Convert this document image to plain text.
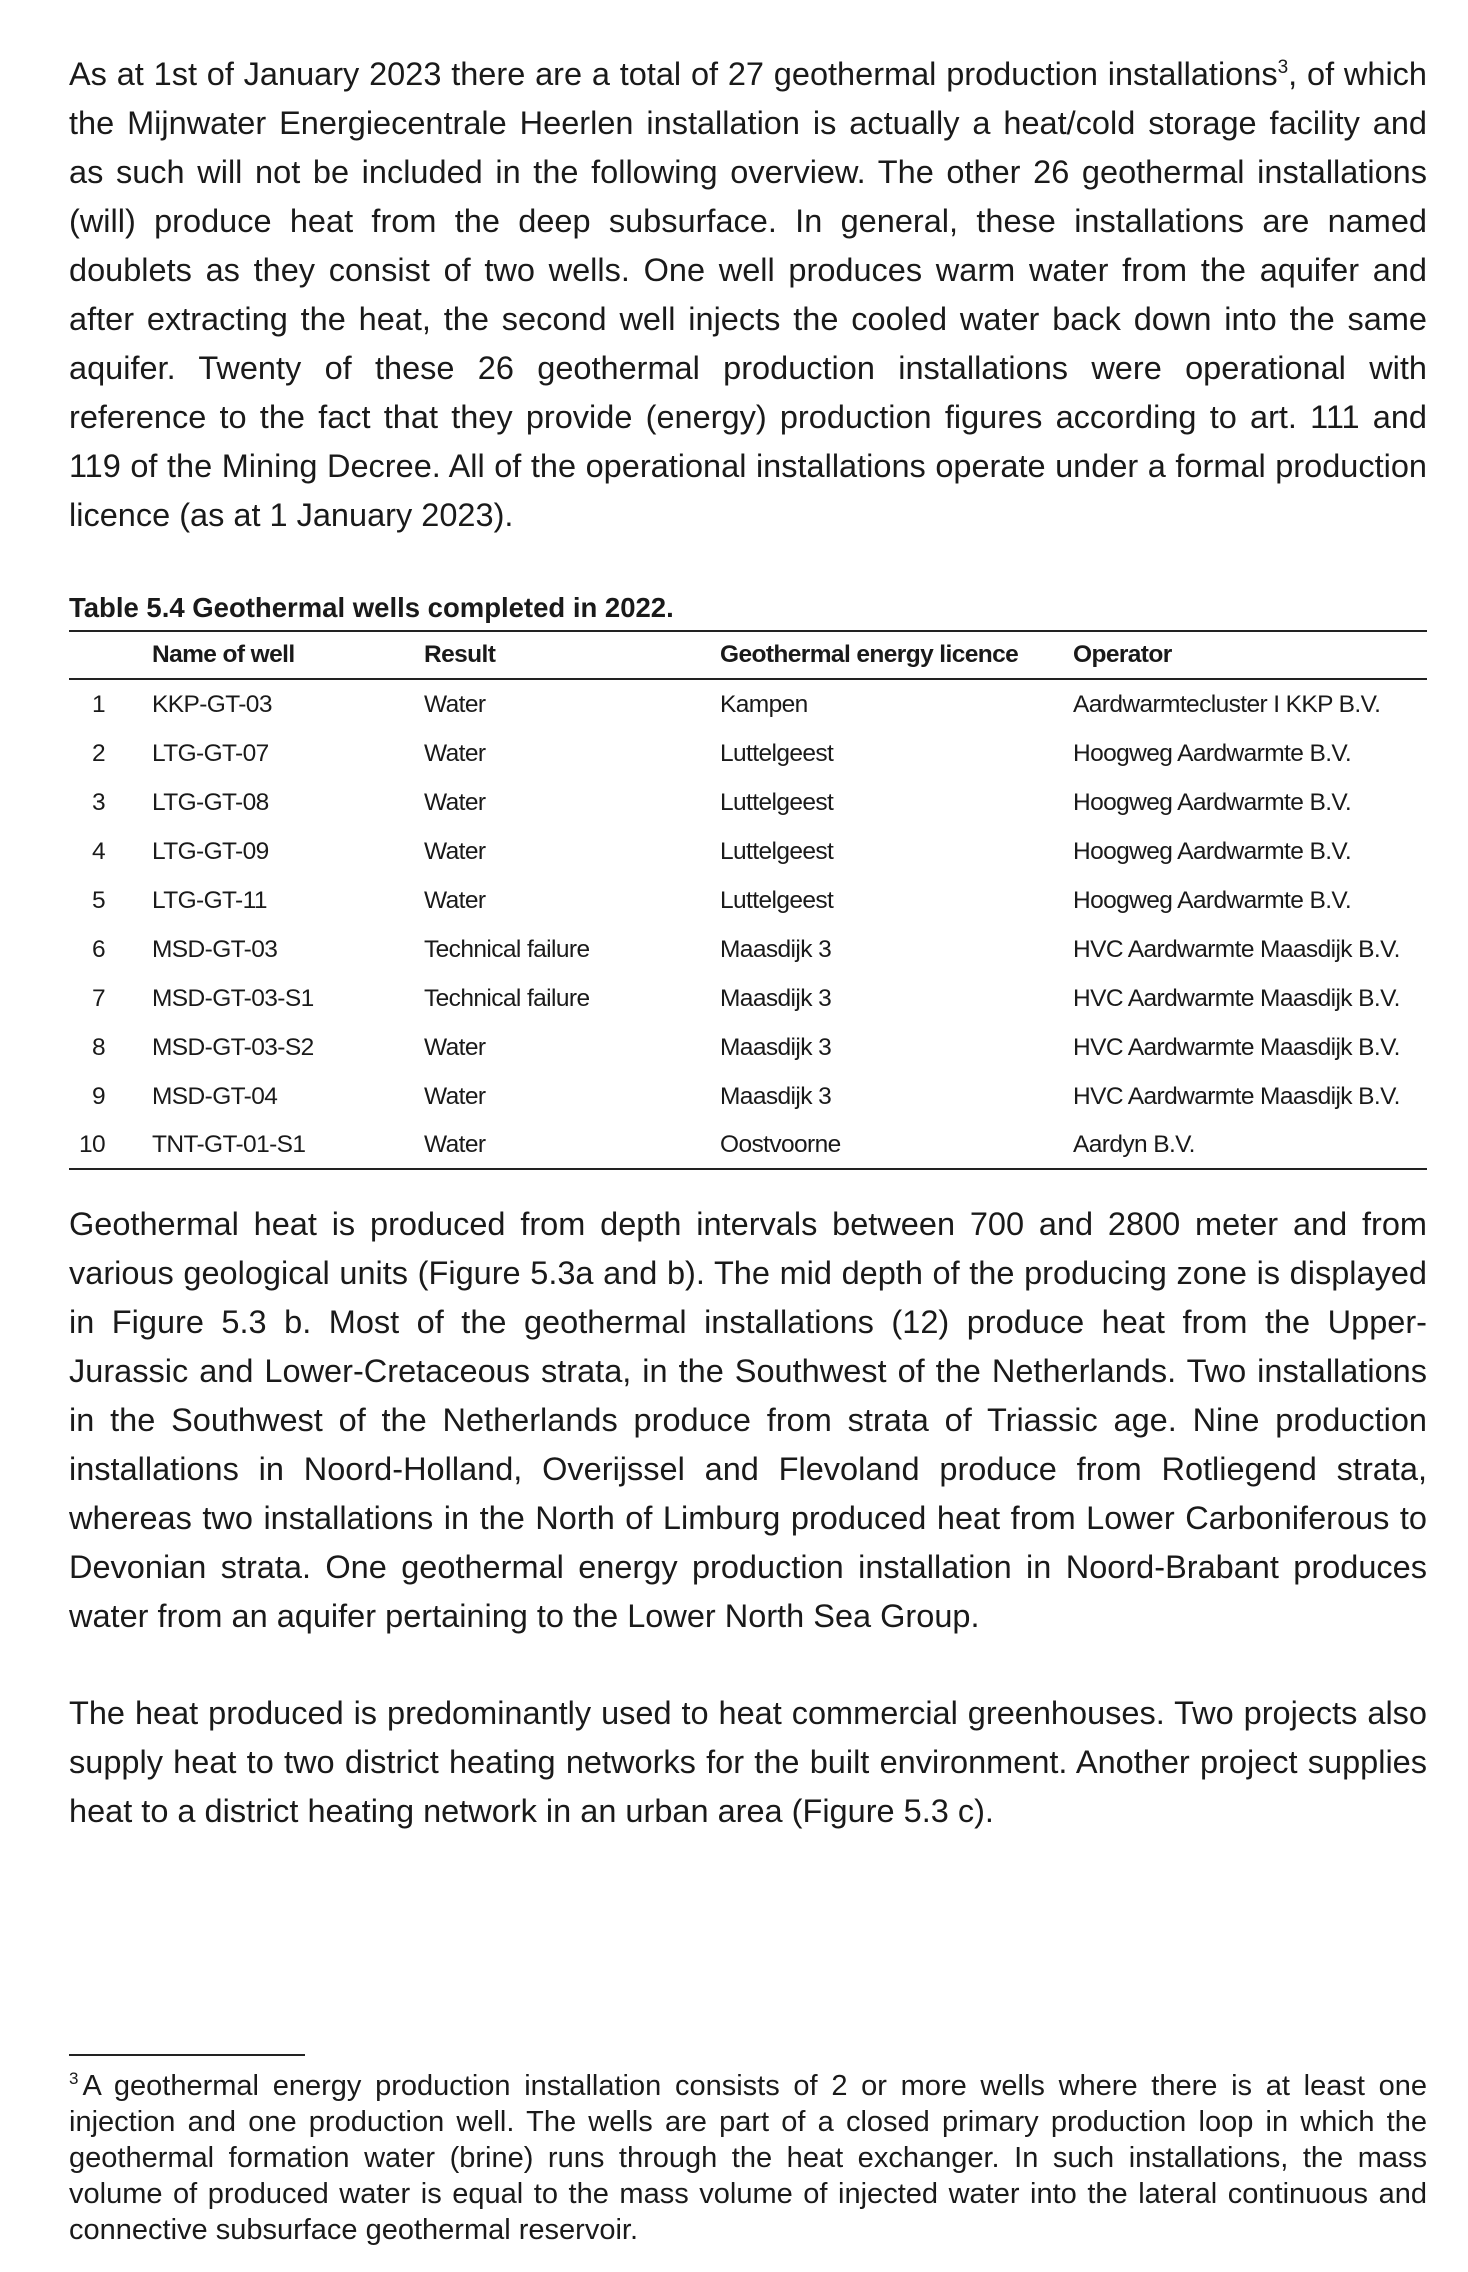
As at 1st of January 2023 there are a total of 27 geothermal production installations$^3$, of which the Mijnwater Energiecentrale Heerlen installation is actually a heat/cold storage facility and as such will not be included in the following overview. The other 26 geothermal installations (will) produce heat from the deep subsurface. In general, these installations are named doublets as they consist of two wells. One well produces warm water from the aquifer and after extracting the heat, the second well injects the cooled water back down into the same aquifer. Twenty of these 26 geothermal production installations were operational with reference to the fact that they provide (energy) production figures according to art. 111 and 119 of the Mining Decree. All of the operational installations operate under a formal production licence (as at 1 January 2023).

Table 5.4 Geothermal wells completed in 2022.
	Name of well	Result	Geothermal energy licence	Operator
1	KKP-GT-03	Water	Kampen	Aardwarmtecluster I KKP B.V.
2	LTG-GT-07	Water	Luttelgeest	Hoogweg Aardwarmte B.V.
3	LTG-GT-08	Water	Luttelgeest	Hoogweg Aardwarmte B.V.
4	LTG-GT-09	Water	Luttelgeest	Hoogweg Aardwarmte B.V.
5	LTG-GT-11	Water	Luttelgeest	Hoogweg Aardwarmte B.V.
6	MSD-GT-03	Technical failure	Maasdijk 3	HVC Aardwarmte Maasdijk B.V.
7	MSD-GT-03-S1	Technical failure	Maasdijk 3	HVC Aardwarmte Maasdijk B.V.
8	MSD-GT-03-S2	Water	Maasdijk 3	HVC Aardwarmte Maasdijk B.V.
9	MSD-GT-04	Water	Maasdijk 3	HVC Aardwarmte Maasdijk B.V.
10	TNT-GT-01-S1	Water	Oostvoorne	Aardyn B.V.

Geothermal heat is produced from depth intervals between 700 and 2800 meter and from various geological units (Figure 5.3a and b). The mid depth of the producing zone is displayed in Figure 5.3 b. Most of the geothermal installations (12) produce heat from the Upper-Jurassic and Lower-Cretaceous strata, in the Southwest of the Netherlands. Two installations in the Southwest of the Netherlands produce from strata of Triassic age. Nine production installations in Noord-Holland, Overijssel and Flevoland produce from Rotliegend strata, whereas two installations in the North of Limburg produced heat from Lower Carboniferous to Devonian strata. One geothermal energy production installation in Noord-Brabant produces water from an aquifer pertaining to the Lower North Sea Group.

The heat produced is predominantly used to heat commercial greenhouses. Two projects also supply heat to two district heating networks for the built environment. Another project supplies heat to a district heating network in an urban area (Figure 5.3 c).

$^3$ A geothermal energy production installation consists of 2 or more wells where there is at least one injection and one production well. The wells are part of a closed primary production loop in which the geothermal formation water (brine) runs through the heat exchanger. In such installations, the mass volume of produced water is equal to the mass volume of injected water into the lateral continuous and connective subsurface geothermal reservoir.
